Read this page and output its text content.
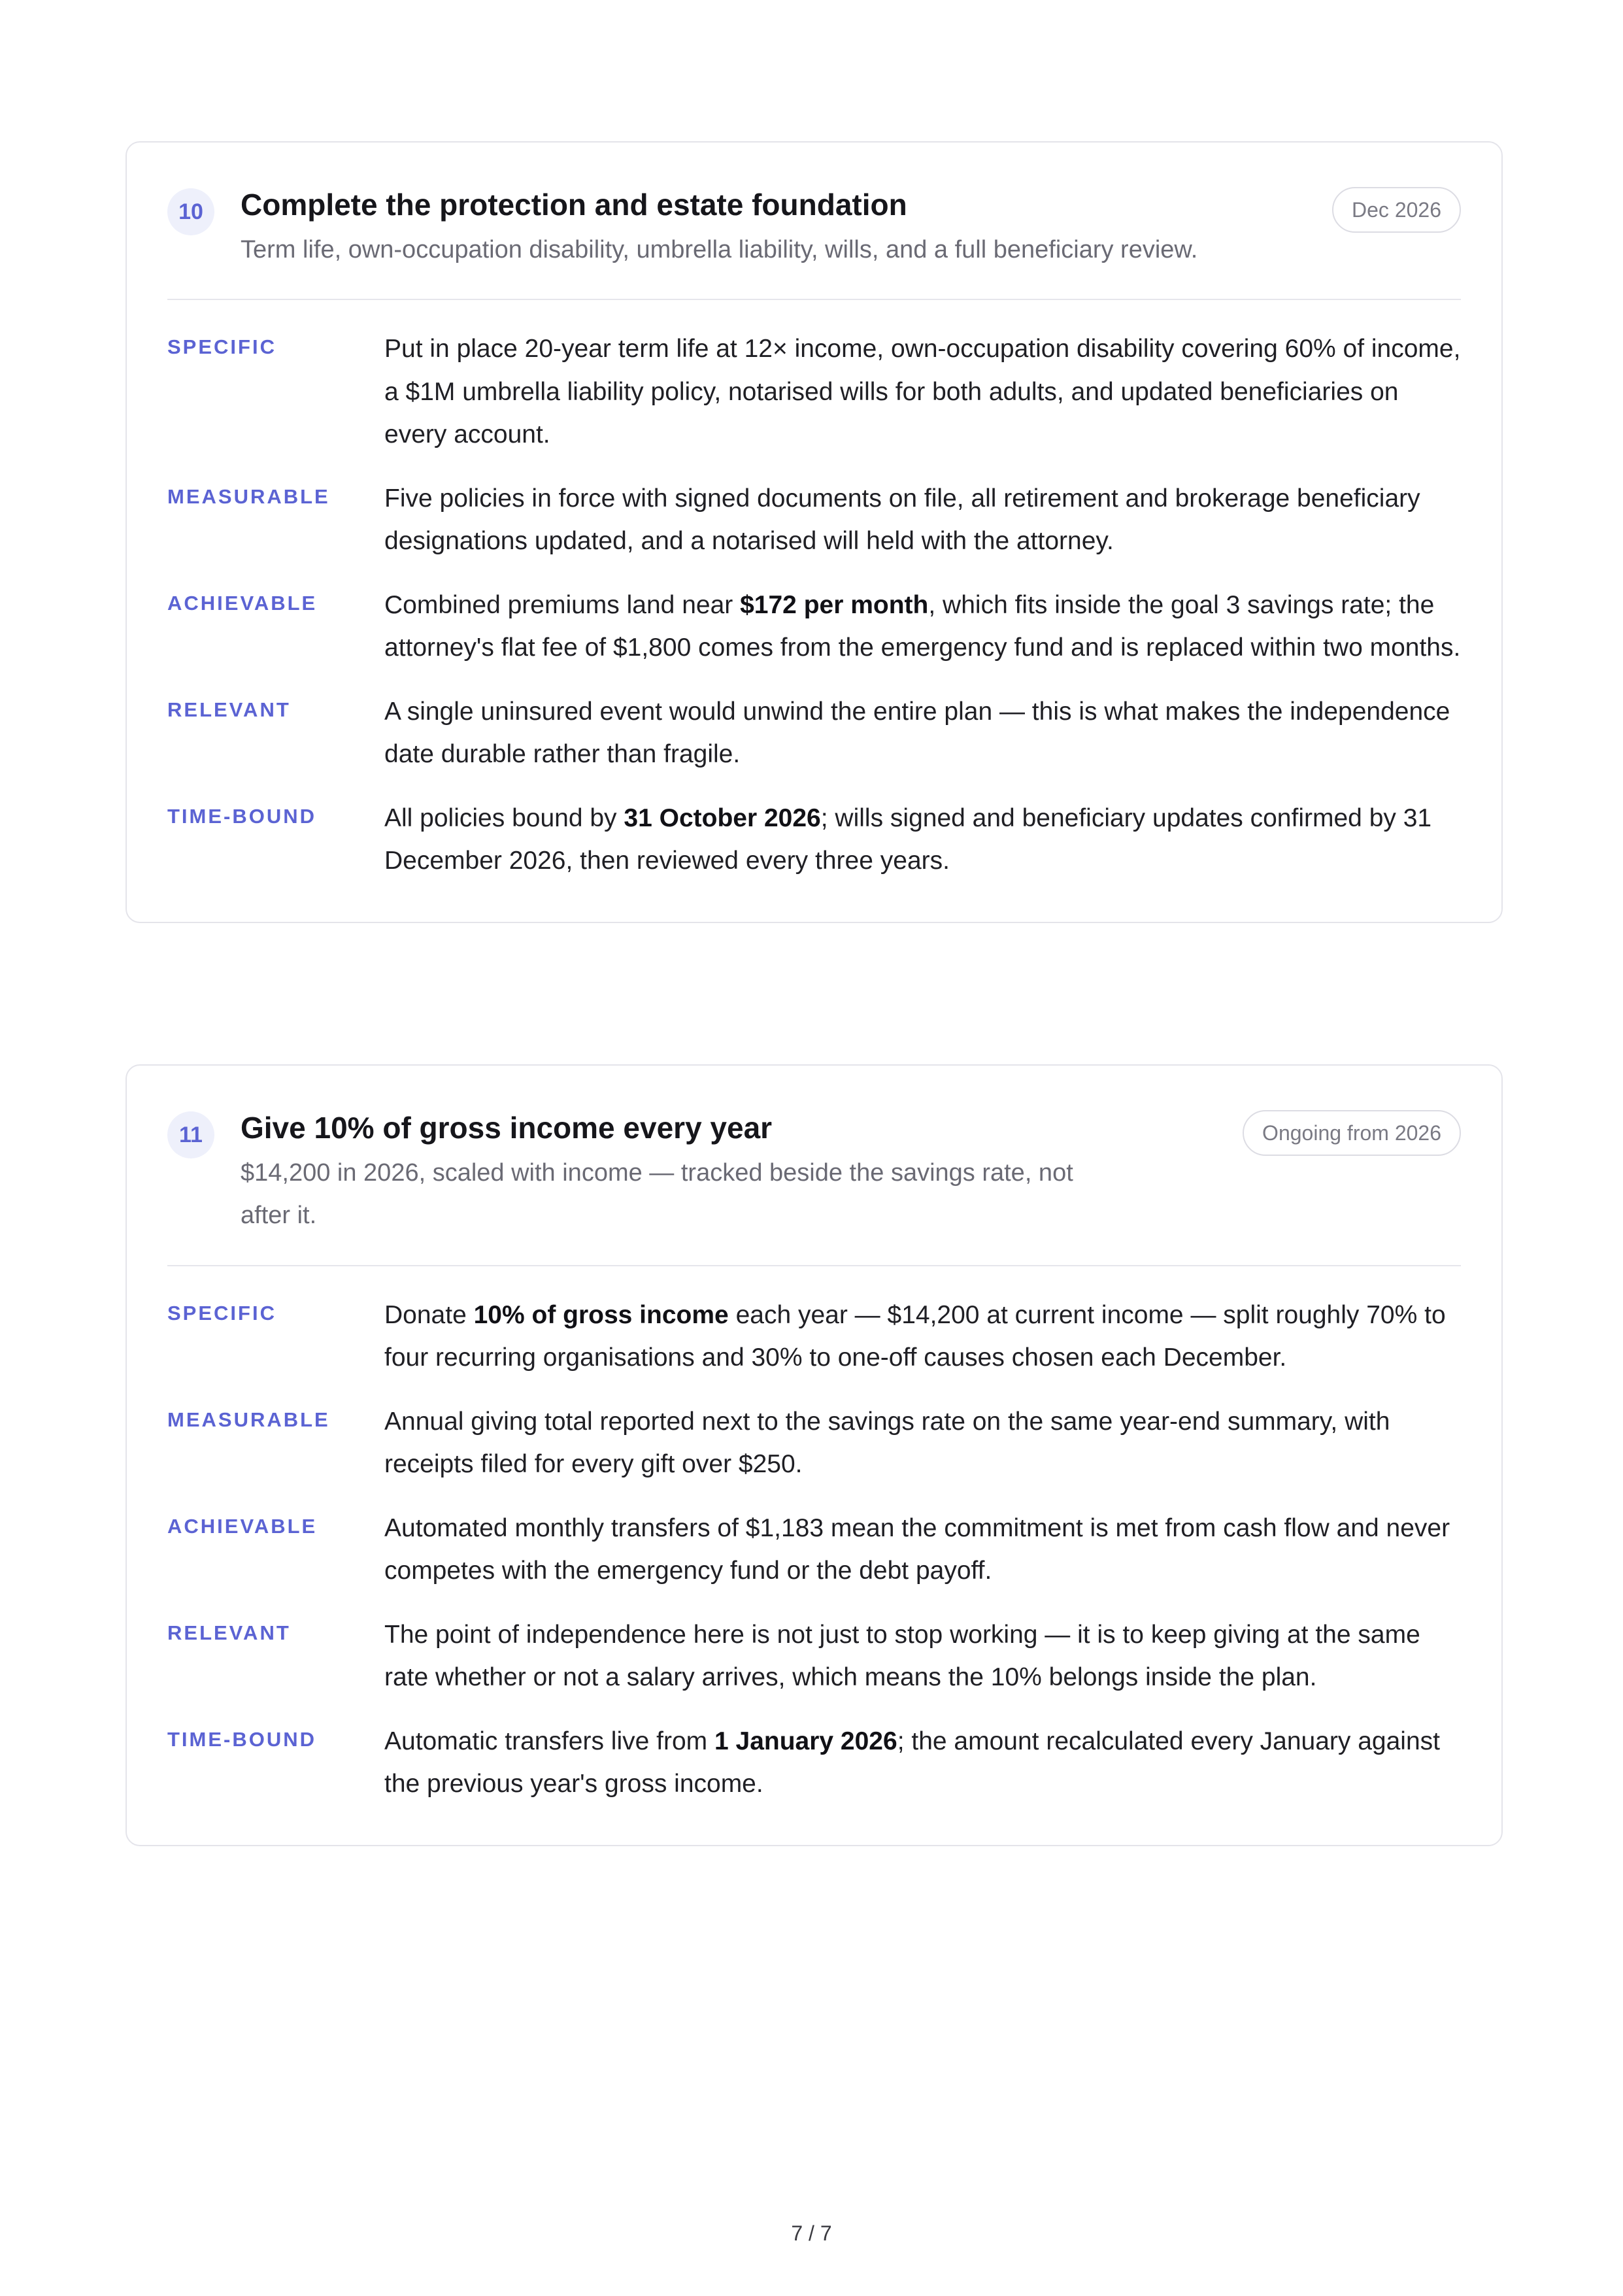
10	Complete the protection and estate foundation
Term life, own-occupation disability, umbrella liability, wills, and a full beneficiary review.
Dec 2026
SPECIFIC	Put in place 20-year term life at 12× income, own-occupation disability covering 60% of income, a $1M umbrella liability policy, notarised wills for both adults, and updated beneficiaries on every account.
MEASURABLE	Five policies in force with signed documents on file, all retirement and brokerage beneficiary designations updated, and a notarised will held with the attorney.
ACHIEVABLE	Combined premiums land near $172 per month, which fits inside the goal 3 savings rate; the attorney's flat fee of $1,800 comes from the emergency fund and is replaced within two months.
RELEVANT	A single uninsured event would unwind the entire plan — this is what makes the independence date durable rather than fragile.
TIME-BOUND	All policies bound by 31 October 2026; wills signed and beneficiary updates confirmed by 31 December 2026, then reviewed every three years.
11	Give 10% of gross income every year
$14,200 in 2026, scaled with income — tracked beside the savings rate, not after it.
Ongoing from 2026
SPECIFIC	Donate 10% of gross income each year — $14,200 at current income — split roughly 70% to four recurring organisations and 30% to one-off causes chosen each December.
MEASURABLE	Annual giving total reported next to the savings rate on the same year-end summary, with receipts filed for every gift over $250.
ACHIEVABLE	Automated monthly transfers of $1,183 mean the commitment is met from cash flow and never competes with the emergency fund or the debt payoff.
RELEVANT	The point of independence here is not just to stop working — it is to keep giving at the same rate whether or not a salary arrives, which means the 10% belongs inside the plan.
TIME-BOUND	Automatic transfers live from 1 January 2026; the amount recalculated every January against the previous year's gross income.
7 / 7
